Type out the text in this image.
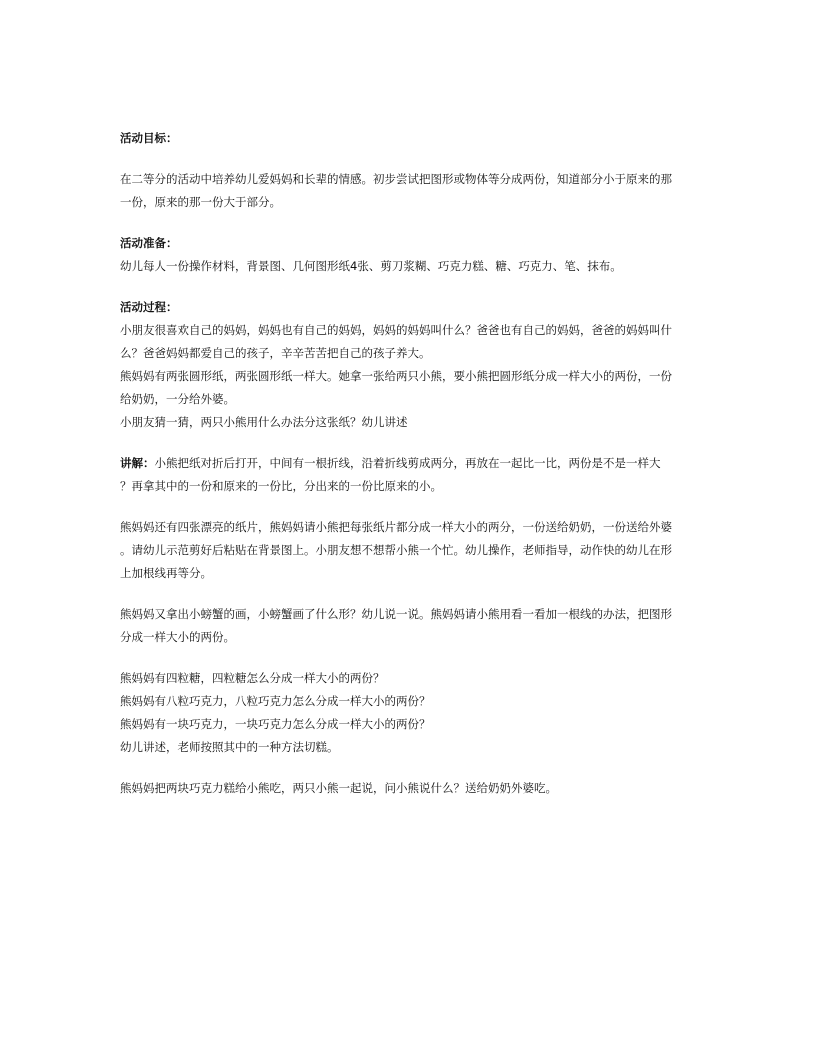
活动目标：
在二等分的活动中培养幼儿爱妈妈和长辈的情感。初步尝试把图形或物体等分成两份，知道部分小于原来的那
一份，原来的那一份大于部分。
活动准备：
幼儿每人一份操作材料，背景图、几何图形纸4张、剪刀浆糊、巧克力糕、糖、巧克力、笔、抹布。
活动过程：
小朋友很喜欢自己的妈妈，妈妈也有自己的妈妈，妈妈的妈妈叫什么？爸爸也有自己的妈妈，爸爸的妈妈叫什
么？爸爸妈妈都爱自己的孩子，辛辛苦苦把自己的孩子养大。
熊妈妈有两张圆形纸，两张圆形纸一样大。她拿一张给两只小熊，要小熊把圆形纸分成一样大小的两份，一份
给奶奶，一分给外婆。
小朋友猜一猜，两只小熊用什么办法分这张纸？幼儿讲述
讲解：小熊把纸对折后打开，中间有一根折线，沿着折线剪成两分，再放在一起比一比，两份是不是一样大
？再拿其中的一份和原来的一份比，分出来的一份比原来的小。
熊妈妈还有四张漂亮的纸片，熊妈妈请小熊把每张纸片都分成一样大小的两分，一份送给奶奶，一份送给外婆
。请幼儿示范剪好后粘贴在背景图上。小朋友想不想帮小熊一个忙。幼儿操作，老师指导，动作快的幼儿在形
上加根线再等分。
熊妈妈又拿出小螃蟹的画，小螃蟹画了什么形？幼儿说一说。熊妈妈请小熊用看一看加一根线的办法，把图形
分成一样大小的两份。
熊妈妈有四粒糖，四粒糖怎么分成一样大小的两份？
熊妈妈有八粒巧克力，八粒巧克力怎么分成一样大小的两份？
熊妈妈有一块巧克力，一块巧克力怎么分成一样大小的两份？
幼儿讲述，老师按照其中的一种方法切糕。
熊妈妈把两块巧克力糕给小熊吃，两只小熊一起说，问小熊说什么？送给奶奶外婆吃。
